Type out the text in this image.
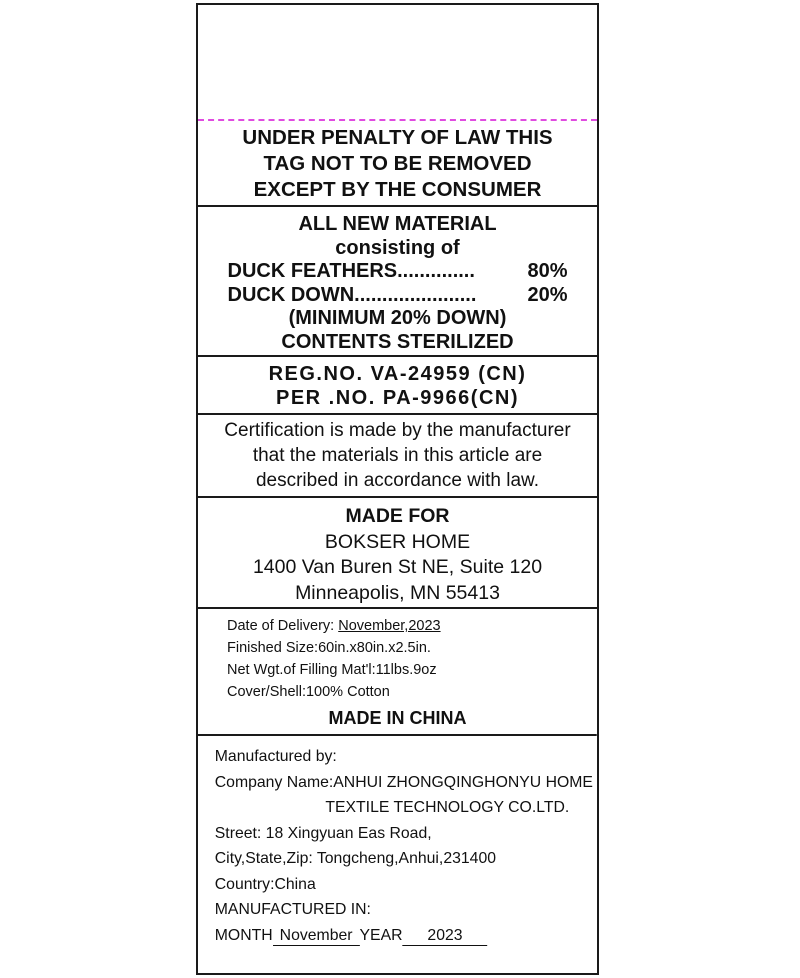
UNDER PENALTY OF LAW THIS
TAG NOT TO BE REMOVED
EXCEPT BY THE CONSUMER
ALL NEW MATERIAL
consisting of
DUCK FEATHERS..............	80%
DUCK DOWN......................	20%
(MINIMUM 20% DOWN)
CONTENTS STERILIZED
REG.NO. VA-24959 (CN)
PER .NO. PA-9966(CN)
Certification is made by the manufacturer
that the materials in this article are
described in accordance with law.
MADE FOR
BOKSER HOME
1400 Van Buren St NE, Suite 120
Minneapolis, MN 55413
Date of Delivery: November,2023
Finished Size:60in.x80in.x2.5in.
Net Wgt.of Filling Mat'l:11lbs.9oz
Cover/Shell:100% Cotton
MADE IN CHINA
Manufactured by:
Company Name:ANHUI ZHONGQINGHONYU HOME
TEXTILE TECHNOLOGY CO.LTD.
Street: 18 Xingyuan Eas Road,
City,State,Zip: Tongcheng,Anhui,231400
Country:China
MANUFACTURED IN:
MONTH November YEAR 2023
